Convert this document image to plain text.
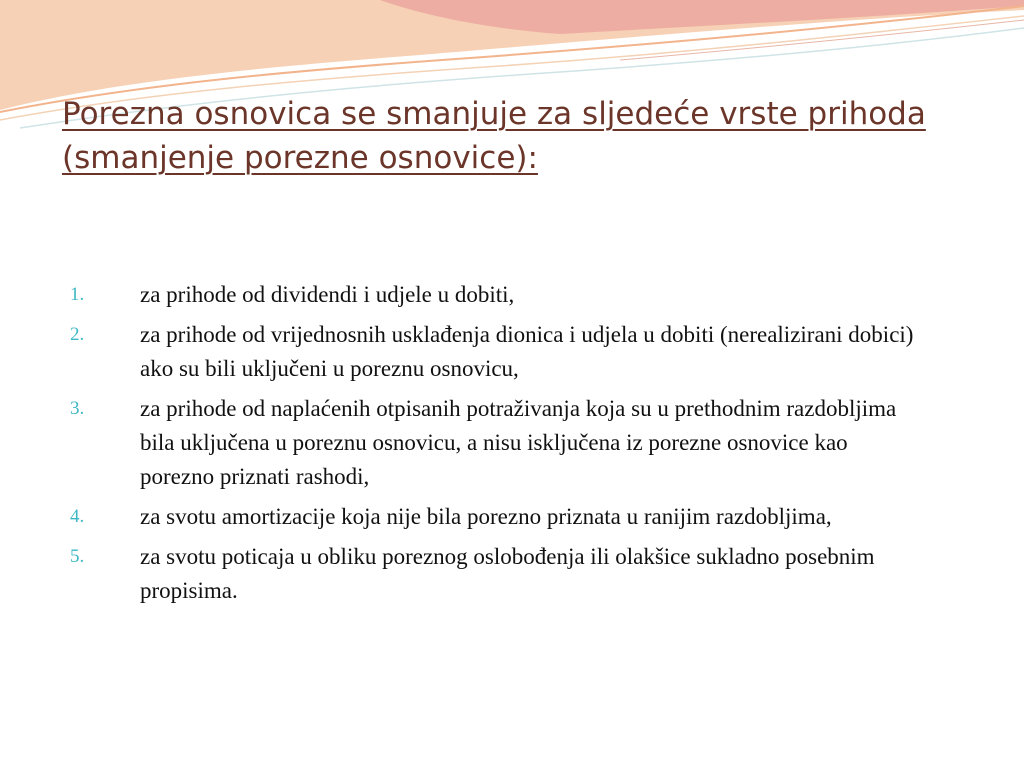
Porezna osnovica se smanjuje za sljedeće vrste prihoda (smanjenje porezne osnovice):
1.	za prihode od dividendi i udjele u dobiti,
2.	za prihode od vrijednosnih usklađenja dionica i udjela u dobiti (nerealizirani dobici) ako su bili uključeni u poreznu osnovicu,
3.	za prihode od naplaćenih otpisanih potraživanja koja su u prethodnim razdobljima bila uključena u poreznu osnovicu, a nisu isključena iz porezne osnovice kao porezno priznati rashodi,
4.	za svotu amortizacije koja nije bila porezno priznata u ranijim razdobljima,
5.	za svotu poticaja u obliku poreznog oslobođenja ili olakšice sukladno posebnim propisima.
